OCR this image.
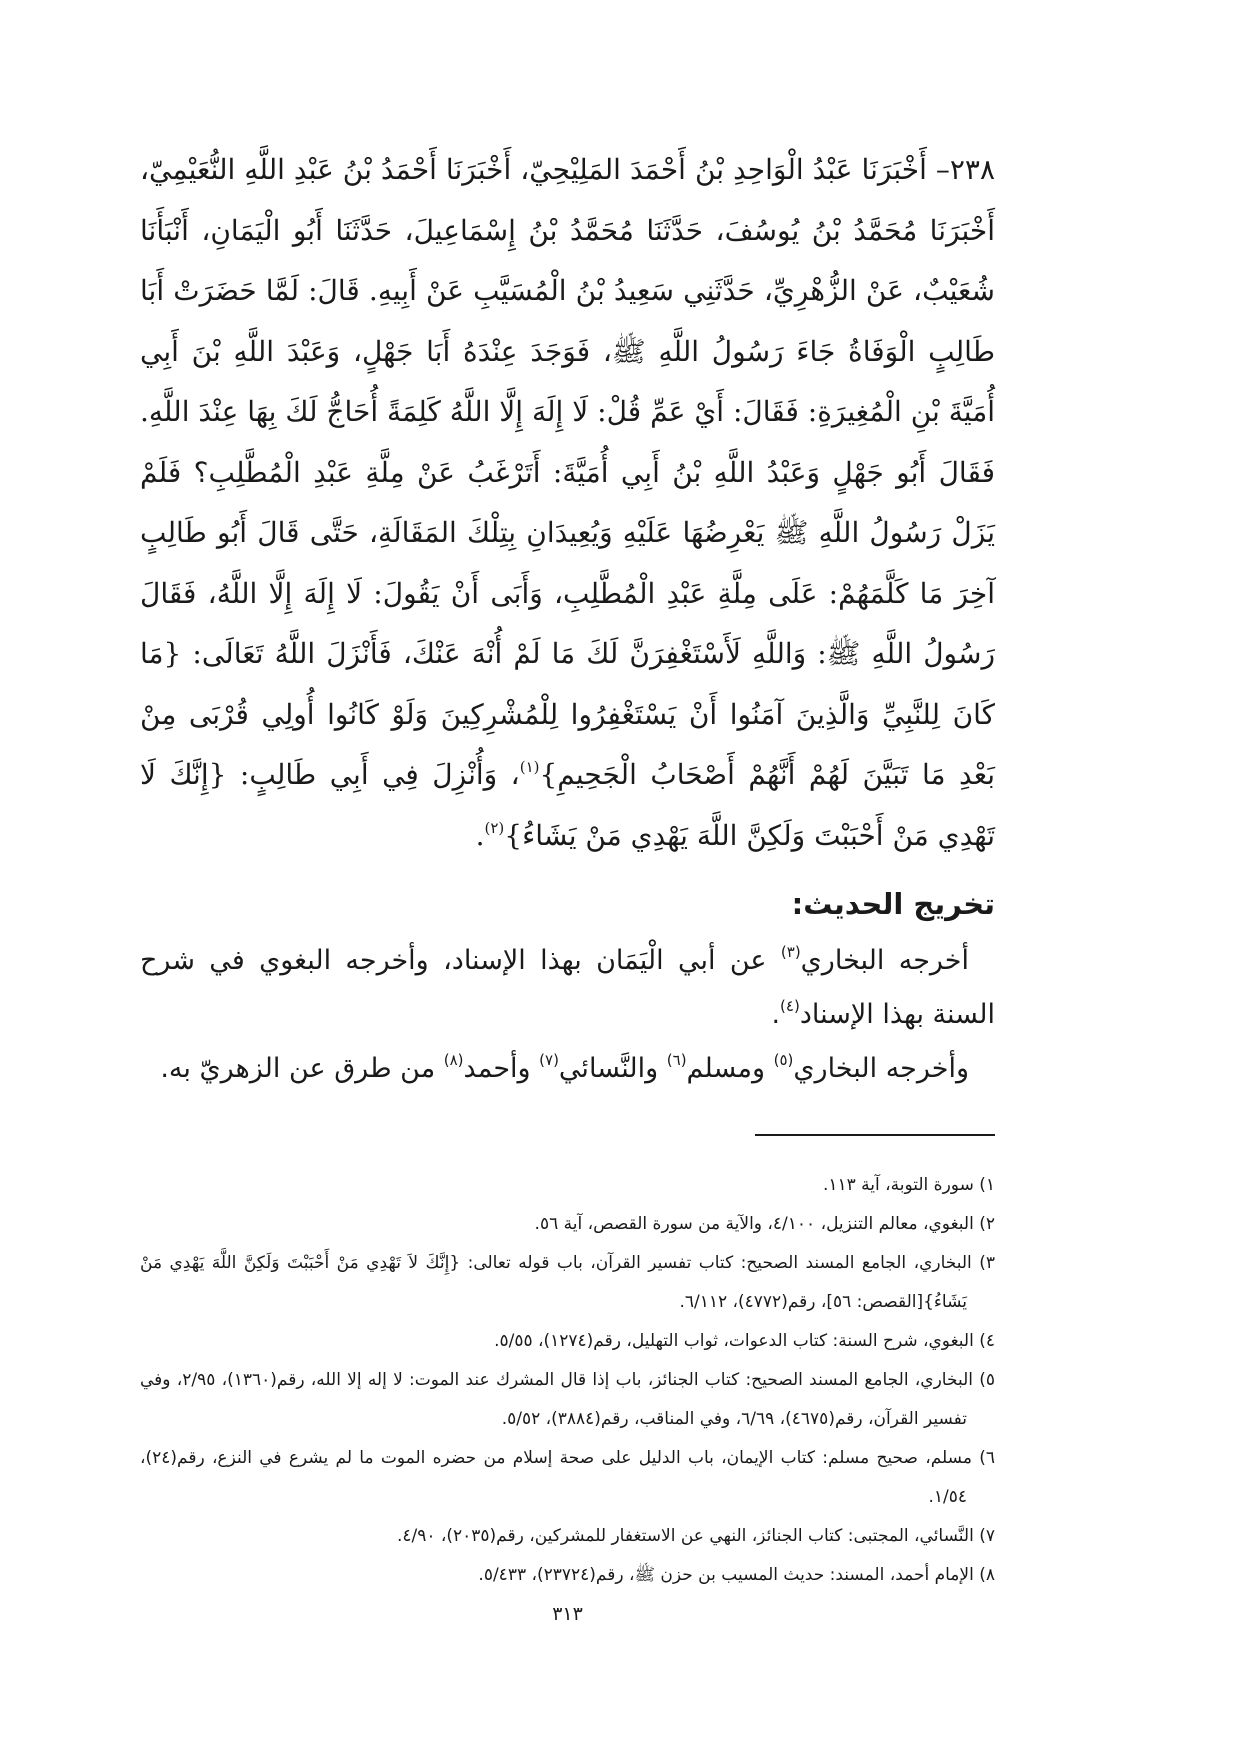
٢٣٨– أَخْبَرَنَا عَبْدُ الْوَاحِدِ بْنُ أَحْمَدَ المَلِيْحِيّ، أَخْبَرَنَا أَحْمَدُ بْنُ عَبْدِ اللَّهِ النُّعَيْمِيّ، أَخْبَرَنَا مُحَمَّدُ بْنُ يُوسُفَ، حَدَّثَنَا مُحَمَّدُ بْنُ إِسْمَاعِيلَ، حَدَّثَنَا أَبُو الْيَمَانِ، أَنْبَأَنَا شُعَيْبٌ، عَنْ الزُّهْرِيِّ، حَدَّثَنِي سَعِيدُ بْنُ الْمُسَيَّبِ عَنْ أَبِيهِ. قَالَ: لَمَّا حَضَرَتْ أَبَا طَالِبٍ الْوَفَاةُ جَاءَ رَسُولُ اللَّهِ ﷺ، فَوَجَدَ عِنْدَهُ أَبَا جَهْلٍ، وَعَبْدَ اللَّهِ بْنَ أَبِي أُمَيَّةَ بْنِ الْمُغِيرَةِ: فَقَالَ: أَيْ عَمِّ قُلْ: لَا إِلَهَ إِلَّا اللَّهُ كَلِمَةً أُحَاجُّ لَكَ بِهَا عِنْدَ اللَّهِ. فَقَالَ أَبُو جَهْلٍ وَعَبْدُ اللَّهِ بْنُ أَبِي أُمَيَّةَ: أَتَرْغَبُ عَنْ مِلَّةِ عَبْدِ الْمُطَّلِبِ؟ فَلَمْ يَزَلْ رَسُولُ اللَّهِ ﷺ يَعْرِضُهَا عَلَيْهِ وَيُعِيدَانِ بِتِلْكَ المَقَالَةِ، حَتَّى قَالَ أَبُو طَالِبٍ آخِرَ مَا كَلَّمَهُمْ: عَلَى مِلَّةِ عَبْدِ الْمُطَّلِبِ، وَأَبَى أَنْ يَقُولَ: لَا إِلَهَ إِلَّا اللَّهُ، فَقَالَ رَسُولُ اللَّهِ ﷺ: وَاللَّهِ لَأَسْتَغْفِرَنَّ لَكَ مَا لَمْ أُنْهَ عَنْكَ، فَأَنْزَلَ اللَّهُ تَعَالَى: {مَا كَانَ لِلنَّبِيِّ وَالَّذِينَ آمَنُوا أَنْ يَسْتَغْفِرُوا لِلْمُشْرِكِينَ وَلَوْ كَانُوا أُولِي قُرْبَى مِنْ بَعْدِ مَا تَبَيَّنَ لَهُمْ أَنَّهُمْ أَصْحَابُ الْجَحِيمِ}$^{(١)}$، وَأُنْزِلَ فِي أَبِي طَالِبٍ: {إِنَّكَ لَا تَهْدِي مَنْ أَحْبَبْتَ وَلَكِنَّ اللَّهَ يَهْدِي مَنْ يَشَاءُ}$^{(٢)}$.

تخريج الحديث:

أخرجه البخاري$^{(٣)}$ عن أبي الْيَمَان بهذا الإسناد، وأخرجه البغوي في شرح السنة بهذا الإسناد$^{(٤)}$.

وأخرجه البخاري$^{(٥)}$ ومسلم$^{(٦)}$ والنَّسائي$^{(٧)}$ وأحمد$^{(٨)}$ من طرق عن الزهريّ به.

١) سورة التوبة، آية ١١٣.
٢) البغوي، معالم التنزيل، ٤/١٠٠، والآية من سورة القصص، آية ٥٦.
٣) البخاري، الجامع المسند الصحيح: كتاب تفسير القرآن، باب قوله تعالى: {إِنَّكَ لاَ تَهْدِي مَنْ أَحْبَبْتَ وَلَكِنَّ اللَّهَ يَهْدِي مَنْ يَشَاءُ}[القصص: ٥٦]، رقم(٤٧٧٢)، ٦/١١٢.
٤) البغوي، شرح السنة: كتاب الدعوات، ثواب التهليل، رقم(١٢٧٤)، ٥/٥٥.
٥) البخاري، الجامع المسند الصحيح: كتاب الجنائز، باب إذا قال المشرك عند الموت: لا إله إلا الله، رقم(١٣٦٠)، ٢/٩٥، وفي تفسير القرآن، رقم(٤٦٧٥)، ٦/٦٩، وفي المناقب، رقم(٣٨٨٤)، ٥/٥٢.
٦) مسلم، صحيح مسلم: كتاب الإيمان، باب الدليل على صحة إسلام من حضره الموت ما لم يشرع في النزع، رقم(٢٤)، ١/٥٤.
٧) النَّسائي، المجتبى: كتاب الجنائز، النهي عن الاستغفار للمشركين، رقم(٢٠٣٥)، ٤/٩٠.
٨) الإمام أحمد، المسند: حديث المسيب بن حزن ﷺ، رقم(٢٣٧٢٤)، ٥/٤٣٣.
٣١٣
